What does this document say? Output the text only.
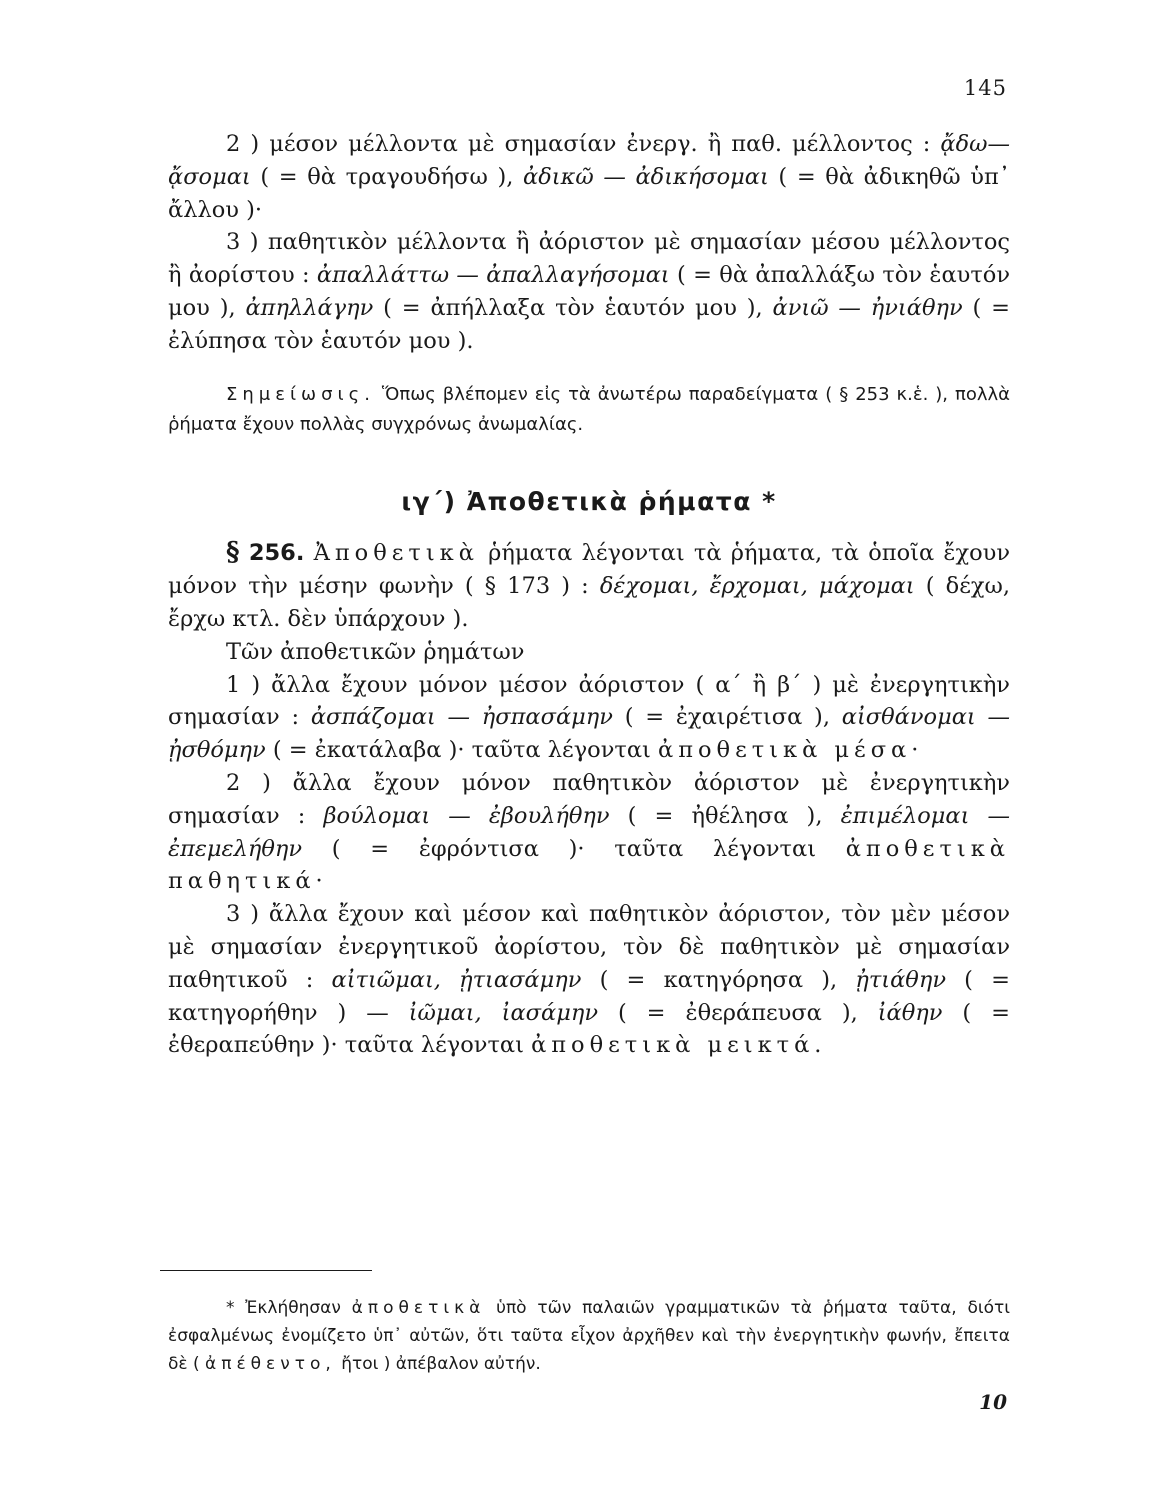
145

2 ) μέσον μέλλοντα μὲ σημασίαν ἐνεργ. ἢ παθ. μέλλοντος : ᾄδω— ᾄσομαι ( = θὰ τραγουδήσω ), ἀδικῶ — ἀδικήσομαι ( = θὰ ἀδικηθῶ ὑπ᾽ ἄλλου )·

3 ) παθητικὸν μέλλοντα ἢ ἀόριστον μὲ σημασίαν μέσου μέλλοντος ἢ ἀορίστου : ἀπαλλάττω — ἀπαλλαγήσομαι ( = θὰ ἀπαλλάξω τὸν ἑαυτόν μου ), ἀπηλλάγην ( = ἀπήλλαξα τὸν ἑαυτόν μου ), ἀνιῶ — ἠνιάθην ( = ἐλύπησα τὸν ἑαυτόν μου ).

Σημείωσις. Ὅπως βλέπομεν εἰς τὰ ἀνωτέρω παραδείγματα ( § 253 κ.ἑ. ), πολλὰ ῥήματα ἔχουν πολλὰς συγχρόνως ἀνωμαλίας.
ιγ΄) Ἀποθετικὰ ῥήματα *

§ 256. Ἀποθετικὰ ῥήματα λέγονται τὰ ῥήματα, τὰ ὁποῖα ἔχουν μόνον τὴν μέσην φωνὴν ( § 173 ) : δέχομαι, ἔρχομαι, μάχομαι ( δέχω, ἔρχω κτλ. δὲν ὑπάρχουν ).

Τῶν ἀποθετικῶν ῥημάτων

1 ) ἄλλα ἔχουν μόνον μέσον ἀόριστον ( α΄ ἢ β΄ ) μὲ ἐνεργητικὴν σημασίαν : ἀσπάζομαι — ἠσπασάμην ( = ἐχαιρέτισα ), αἰσθάνομαι — ᾐσθόμην ( = ἐκατάλαβα )· ταῦτα λέγονται ἀποθετικὰ μέσα·

2 ) ἄλλα ἔχουν μόνον παθητικὸν ἀόριστον μὲ ἐνεργητικὴν σημασίαν : βούλομαι — ἐβουλήθην ( = ἠθέλησα ), ἐπιμέλομαι — ἐπεμελήθην ( = ἐφρόντισα )· ταῦτα λέγονται ἀποθετικὰ παθητικά·

3 ) ἄλλα ἔχουν καὶ μέσον καὶ παθητικὸν ἀόριστον, τὸν μὲν μέσον μὲ σημασίαν ἐνεργητικοῦ ἀορίστου, τὸν δὲ παθητικὸν μὲ σημασίαν παθητικοῦ : αἰτιῶμαι, ᾐτιασάμην ( = κατηγόρησα ), ᾐτιάθην ( = κατηγορήθην ) — ἰῶμαι, ἰασάμην ( = ἐθεράπευσα ), ἰάθην ( = ἐθεραπεύθην )· ταῦτα λέγονται ἀποθετικὰ μεικτά.

* Ἐκλήθησαν ἀποθετικὰ ὑπὸ τῶν παλαιῶν γραμματικῶν τὰ ῥήματα ταῦτα, διότι ἐσφαλμένως ἐνομίζετο ὑπ᾽ αὐτῶν, ὅτι ταῦτα εἶχον ἀρχῆθεν καὶ τὴν ἐνεργητικὴν φωνήν, ἔπειτα δὲ ( ἀπέθεντο, ἤτοι ) ἀπέβαλον αὐτήν.

10
